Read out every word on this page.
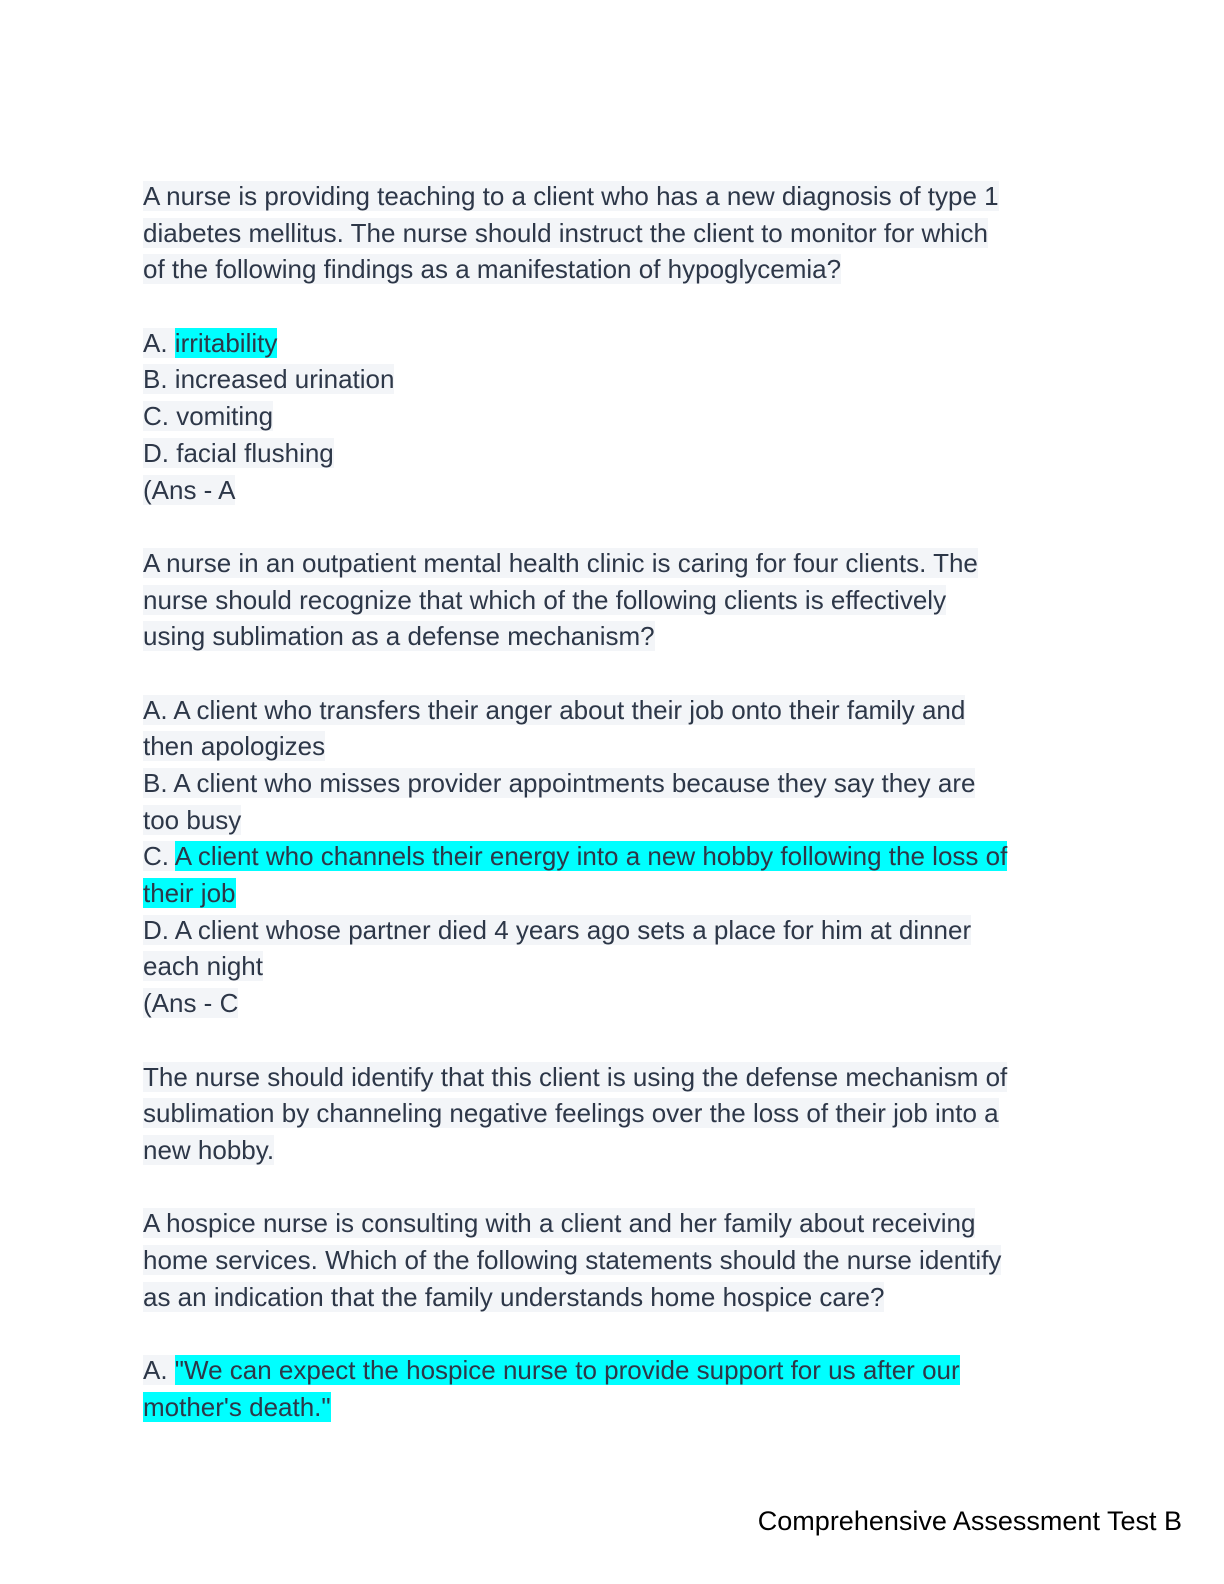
A nurse is providing teaching to a client who has a new diagnosis of type 1
diabetes mellitus. The nurse should instruct the client to monitor for which
of the following findings as a manifestation of hypoglycemia?
A. irritability
B. increased urination
C. vomiting
D. facial flushing
(Ans - A
A nurse in an outpatient mental health clinic is caring for four clients. The
nurse should recognize that which of the following clients is effectively
using sublimation as a defense mechanism?
A. A client who transfers their anger about their job onto their family and
then apologizes
B. A client who misses provider appointments because they say they are
too busy
C. A client who channels their energy into a new hobby following the loss of
their job
D. A client whose partner died 4 years ago sets a place for him at dinner
each night
(Ans - C
The nurse should identify that this client is using the defense mechanism of
sublimation by channeling negative feelings over the loss of their job into a
new hobby.
A hospice nurse is consulting with a client and her family about receiving
home services. Which of the following statements should the nurse identify
as an indication that the family understands home hospice care?
A. "We can expect the hospice nurse to provide support for us after our
mother's death."
Comprehensive Assessment Test B
